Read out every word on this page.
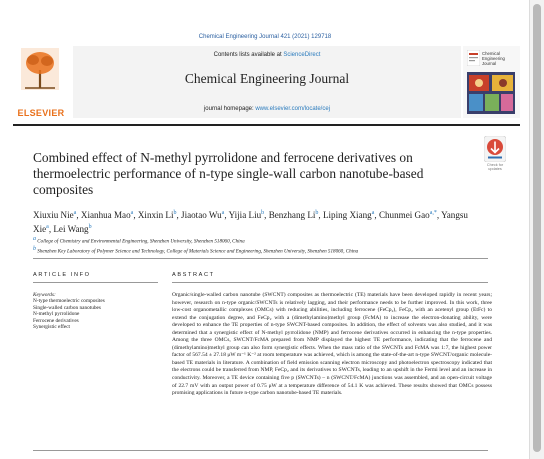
Chemical Engineering Journal 421 (2021) 129718
ELSEVIER
Contents lists available at ScienceDirect
Chemical Engineering Journal
journal homepage: www.elsevier.com/locate/cej
Chemical Engineering Journal
Check for updates
Combined effect of N-methyl pyrrolidone and ferrocene derivatives on thermoelectric performance of n-type single-wall carbon nanotube-based composites
Xiuxiu Nie$^a$, Xianhua Mao$^a$, Xinxin Li$^b$, Jiaotao Wu$^a$, Yijia Liu$^b$, Benzhang Li$^b$, Liping Xiang$^a$, Chunmei Gao$^{a,*}$, Yangsu Xie$^a$, Lei Wang$^b$
$^a$ College of Chemistry and Environmental Engineering, Shenzhen University, Shenzhen 518060, China
$^b$ Shenzhen Key Laboratory of Polymer Science and Technology, College of Materials Science and Engineering, Shenzhen University, Shenzhen 518060, China
ARTICLE INFO	ABSTRACT
Keywords:
N-type thermoelectric composites
Single-walled carbon nanotubes
N-methyl pyrrolidone
Ferrocene derivatives
Synergistic effect
Organic/single-walled carbon nanotube (SWCNT) composites as thermoelectric (TE) materials have been developed rapidly in recent years; however, research on n-type organic/SWCNTs is relatively lagging, and their performance needs to be further improved. In this work, three low-cost organometallic complexes (OMCs) with reducing abilities, including ferrocene (FeCp₂), FeCp₂ with an acetenyl group (EtFc) to extend the conjugation degree, and FeCp₂ with a (dimethylamino)methyl group (FcMA) to increase the electron-donating ability, were developed to enhance the TE properties of n-type SWCNT-based composites. In addition, the effect of solvents was also studied, and it was determined that a synergistic effect of N-methyl pyrrolidone (NMP) and ferrocene derivatives occurred in enhancing the n-type properties. Among the three OMCs, SWCNT/FcMA prepared from NMP displayed the highest TE performance, indicating that the ferrocene and (dimethylamino)methyl group can also form synergistic effects. When the mass ratio of the SWCNTs and FcMA was 1:7, the highest power factor of 567.54 ± 27.18 μW m⁻¹ K⁻² at room temperature was achieved, which is among the state-of-the-art n-type SWCNT/organic molecule-based TE materials in literature. A combination of field emission scanning electron microscopy and photoelectron spectroscopy indicated that the electrons could be transferred from NMP, FeCp₂ and its derivatives to SWCNTs, leading to an upshift in the Fermi level and an increase in conductivity. Moreover, a TE device containing five p (SWCNTs) – n (SWCNT/FcMA) junctions was assembled, and an open-circuit voltage of 22.7 mV with an output power of 0.75 μW at a temperature difference of 54.1 K was achieved. These results showed that OMCs possess promising applications in future n-type carbon nanotube-based TE materials.
